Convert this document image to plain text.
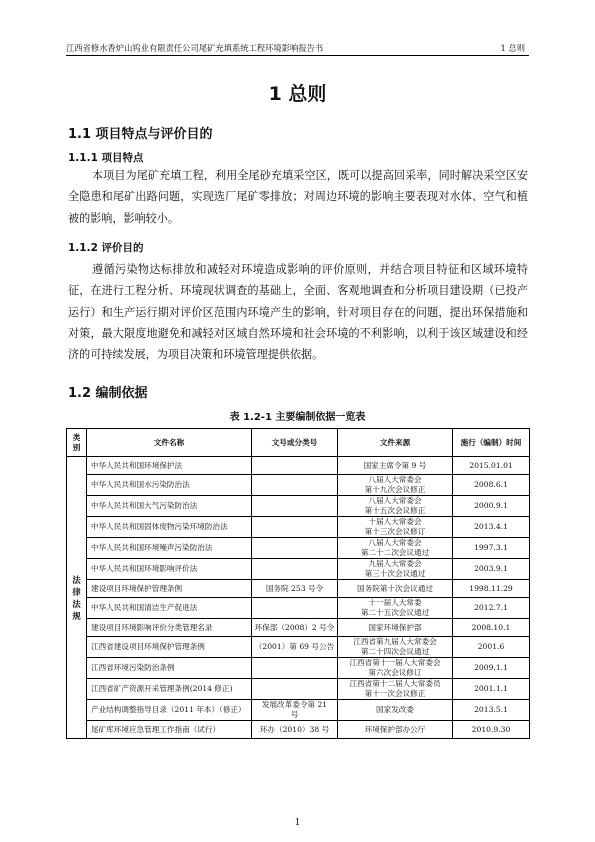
江西省修水香炉山钨业有限责任公司尾矿充填系统工程环境影响报告书	1 总则
1 总则
1.1 项目特点与评价目的
1.1.1 项目特点
本项目为尾矿充填工程，利用全尾砂充填采空区，既可以提高回采率，同时解决采空区安全隐患和尾矿出路问题，实现选厂尾矿零排放；对周边环境的影响主要表现对水体、空气和植被的影响，影响较小。
1.1.2 评价目的
遵循污染物达标排放和减轻对环境造成影响的评价原则，并结合项目特征和区域环境特征，在进行工程分析、环境现状调查的基础上，全面、客观地调查和分析项目建设期（已投产运行）和生产运行期对评价区范围内环境产生的影响，针对项目存在的问题，提出环保措施和对策，最大限度地避免和减轻对区域自然环境和社会环境的不利影响，以利于该区域建设和经济的可持续发展，为项目决策和环境管理提供依据。
1.2 编制依据
表 1.2-1 主要编制依据一览表
类别	文件名称	文号或分类号	文件来源	施行（编制）时间
法
律
法
规	中华人民共和国环境保护法		国家主席令第 9 号	2015.01.01
	中华人民共和国水污染防治法		八届人大常委会
第十九次会议修正	2008.6.1
	中华人民共和国大气污染防治法		八届人大常委会
第十五次会议修正	2000.9.1
	中华人民共和国固体废物污染环境防治法		十届人大常委会
第十三次会议修订	2013.4.1
	中华人民共和国环境噪声污染防治法		八届人大常委会
第二十二次会议通过	1997.3.1
	中华人民共和国环境影响评价法		九届人大常委会
第三十次会议通过	2003.9.1
	建设项目环境保护管理条例	国务院 253 号令	国务院第十次会议通过	1998.11.29
	中华人民共和国清洁生产促进法		十一届人大常委
第二十五次会议通过	2012.7.1
	建设项目环境影响评价分类管理名录	环保部（2008）2 号令	国家环境保护部	2008.10.1
	江西省建设项目环境保护管理条例	（2001）第 69 号公告	江西省第九届人大常委会
第二十四次会议通过	2001.6
	江西省环境污染防治条例		江西省第十一届人大常委会
第六次会议修订	2009.1.1
	江西省矿产资源开采管理条例(2014 修正)		江西省第十二届人大常委员
第十一次会议修正	2001.1.1
	产业结构调整指导目录（2011 年本）（修正）	发展改革委令第 21
号	国家发改委	2013.5.1
	尾矿库环境应急管理工作指南（试行）	环办（2010）38 号	环境保护部办公厅	2010.9.30
1
